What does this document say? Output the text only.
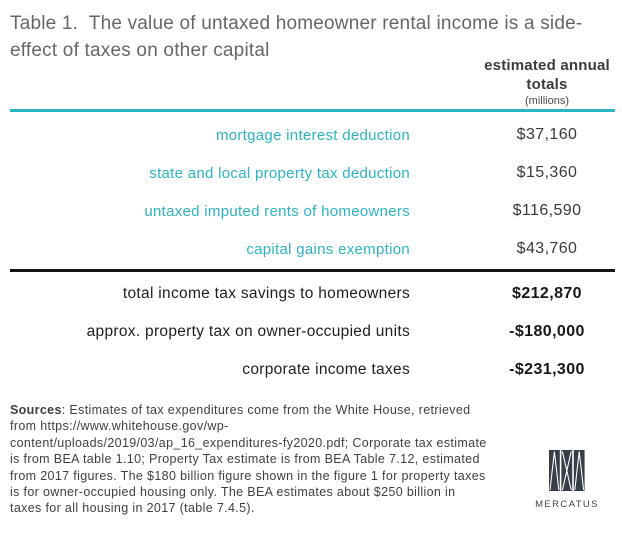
Table 1.  The value of untaxed homeowner rental income is a side-effect of taxes on other capital
estimated annual totals
(millions)
mortgage interest deduction	$37,160
state and local property tax deduction	$15,360
untaxed imputed rents of homeowners	$116,590
capital gains exemption	$43,760
total income tax savings to homeowners	$212,870
approx. property tax on owner-occupied units	-$180,000
corporate income taxes	-$231,300
Sources: Estimates of tax expenditures come from the White House, retrieved from https://www.whitehouse.gov/wp-content/uploads/2019/03/ap_16_expenditures-fy2020.pdf; Corporate tax estimate is from BEA table 1.10; Property Tax estimate is from BEA Table 7.12, estimated from 2017 figures. The $180 billion figure shown in the figure 1 for property taxes is for owner-occupied housing only. The BEA estimates about $250 billion in taxes for all housing in 2017 (table 7.4.5).	MERCATUS
